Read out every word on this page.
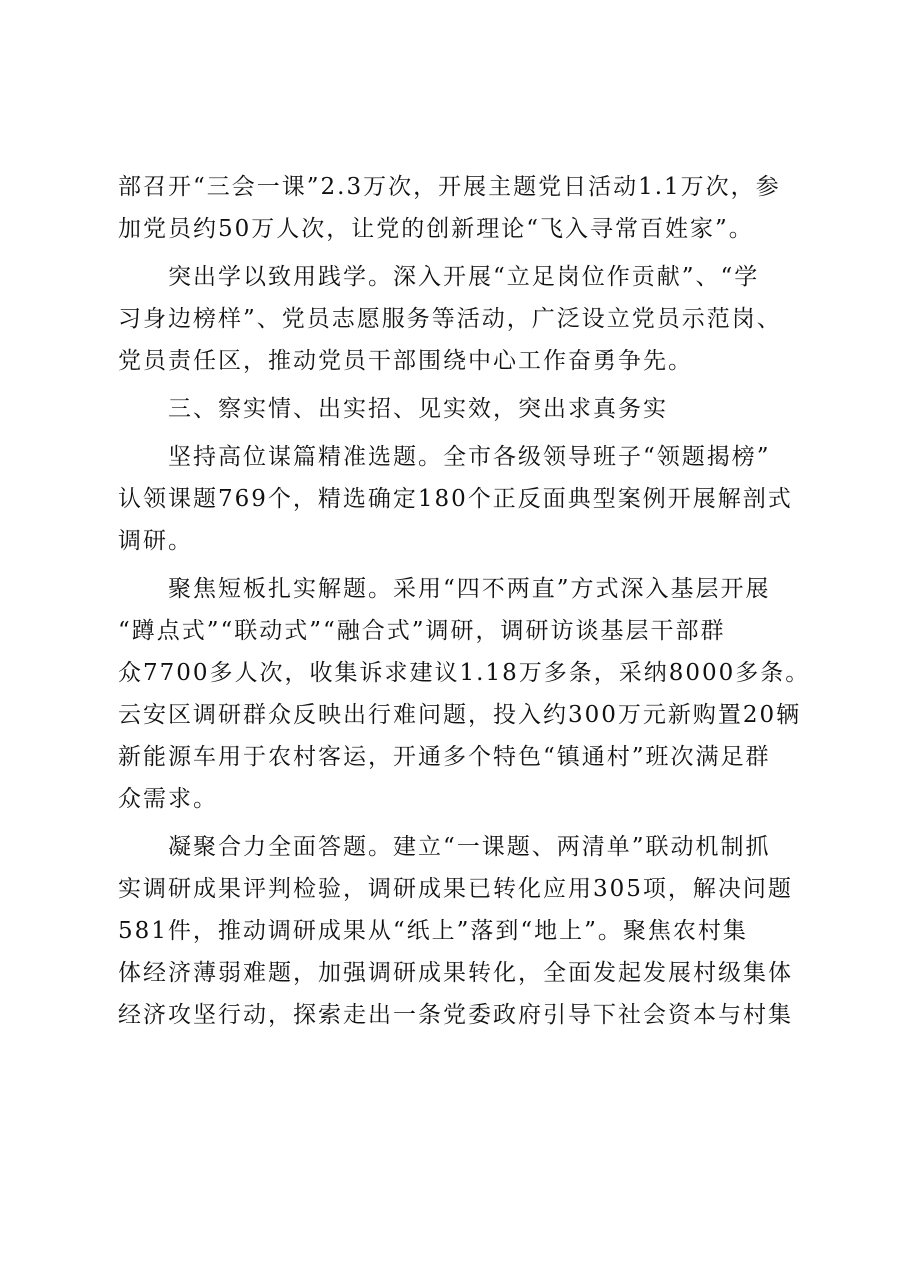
部召开“三会一课”2.3万次，开展主题党日活动1.1万次，参
加党员约50万人次，让党的创新理论“飞入寻常百姓家”。
突出学以致用践学。深入开展“立足岗位作贡献”、“学
习身边榜样”、党员志愿服务等活动，广泛设立党员示范岗、
党员责任区，推动党员干部围绕中心工作奋勇争先。
三、察实情、出实招、见实效，突出求真务实
坚持高位谋篇精准选题。全市各级领导班子“领题揭榜”
认领课题769个，精选确定180个正反面典型案例开展解剖式
调研。
聚焦短板扎实解题。采用“四不两直”方式深入基层开展
“蹲点式”“联动式”“融合式”调研，调研访谈基层干部群
众7700多人次，收集诉求建议1.18万多条，采纳8000多条。
云安区调研群众反映出行难问题，投入约300万元新购置20辆
新能源车用于农村客运，开通多个特色“镇通村”班次满足群
众需求。
凝聚合力全面答题。建立“一课题、两清单”联动机制抓
实调研成果评判检验，调研成果已转化应用305项，解决问题
581件，推动调研成果从“纸上”落到“地上”。聚焦农村集
体经济薄弱难题，加强调研成果转化，全面发起发展村级集体
经济攻坚行动，探索走出一条党委政府引导下社会资本与村集
